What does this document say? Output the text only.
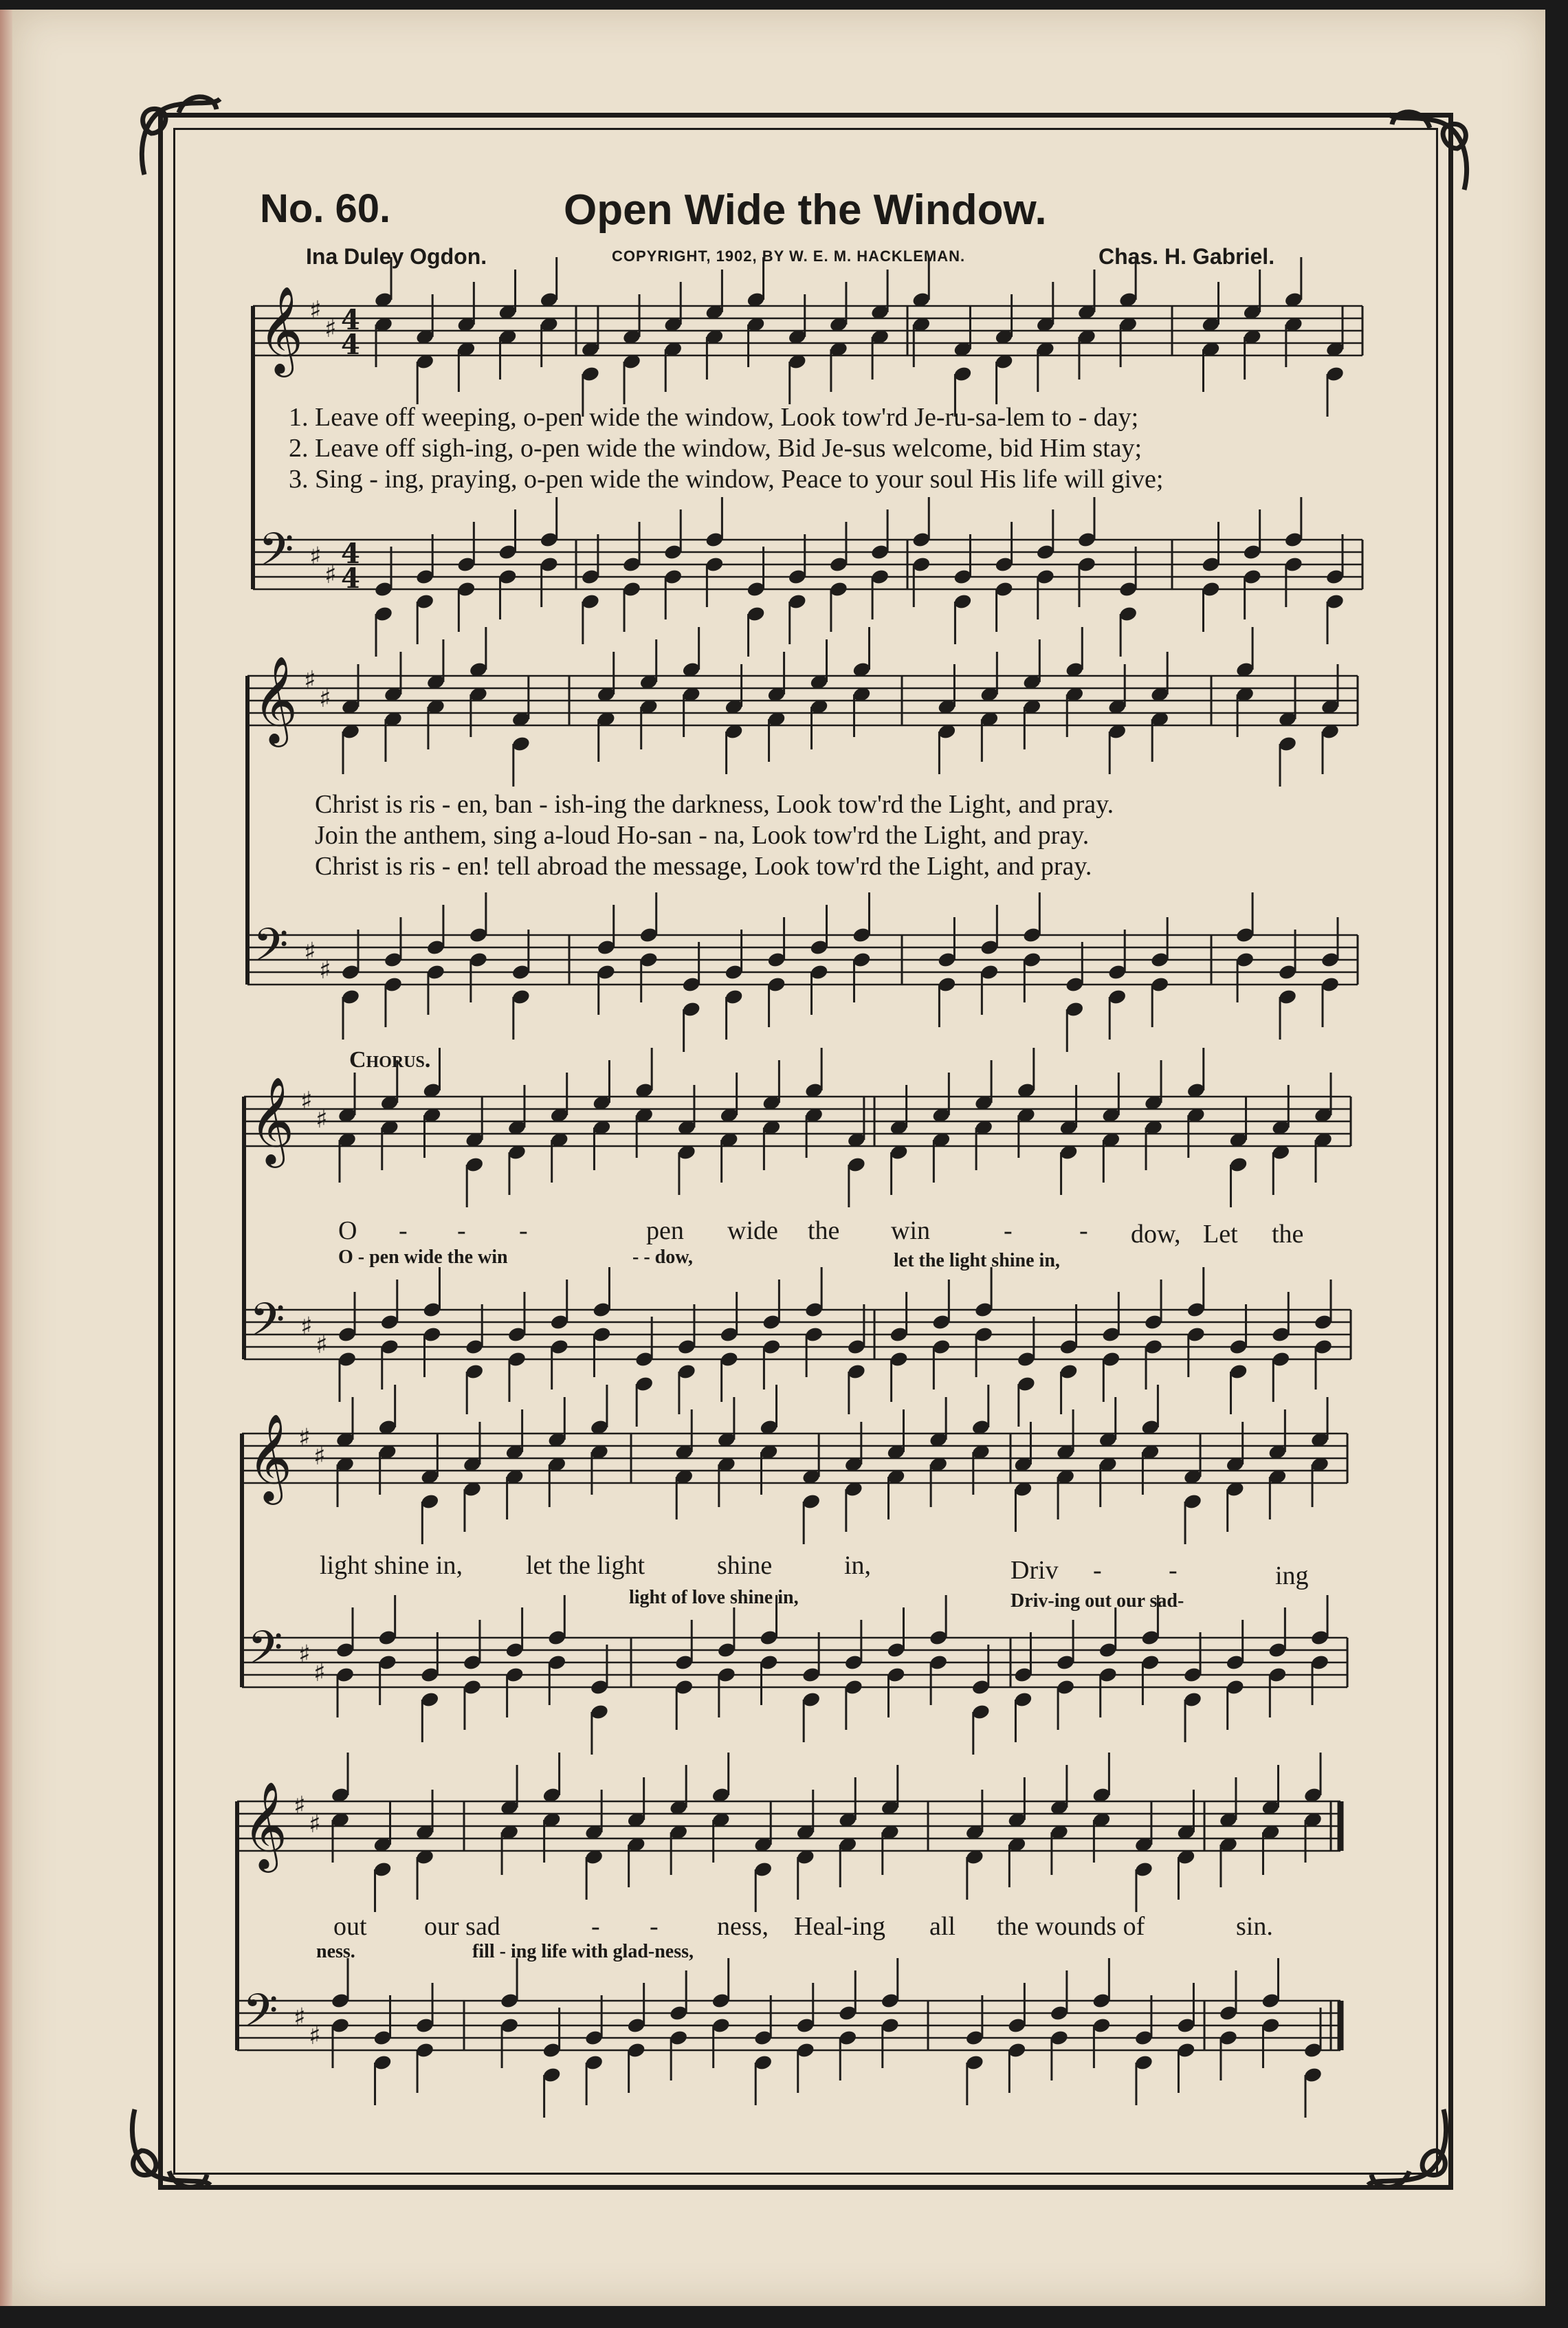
No. 60.	Open Wide the Window.
Ina Duley Ogdon.	COPYRIGHT, 1902, BY W. E. M. HACKLEMAN.	Chas. H. Gabriel.
𝄞 ♯
♯ 4
4
𝄢 ♯
♯
4
4
𝄞 ♯
♯
𝄢 ♯
♯
𝄞 ♯
♯
𝄢 ♯
♯
𝄞 ♯
♯
𝄢 ♯
♯
𝄞 ♯
♯
𝄢 ♯
♯
1. Leave off weeping, o-pen wide the window, Look tow'rd Je-ru-sa-lem to - day;
2. Leave off sigh-ing, o-pen wide the window, Bid Je-sus welcome, bid Him stay;
3. Sing - ing, praying, o-pen wide the window, Peace to your soul His life will give;
Christ is ris - en, ban - ish-ing the darkness, Look tow'rd the Light, and pray.
Join the anthem, sing a-loud Ho-san - na, Look tow'rd the Light, and pray.
Christ is ris - en! tell abroad the message, Look tow'rd the Light, and pray.
Chorus.
O - - -	pen wide the win	-	- dow, Let the
O - pen wide the win	- - dow,	let the light shine in,
light shine in, let the light	shine	in,	Driv -	-	ing
light of love shine in,	Driv-ing out our sad-
out our sad	- - ness, Heal-ing all the wounds of	sin.
ness.	fill - ing life with glad-ness,
